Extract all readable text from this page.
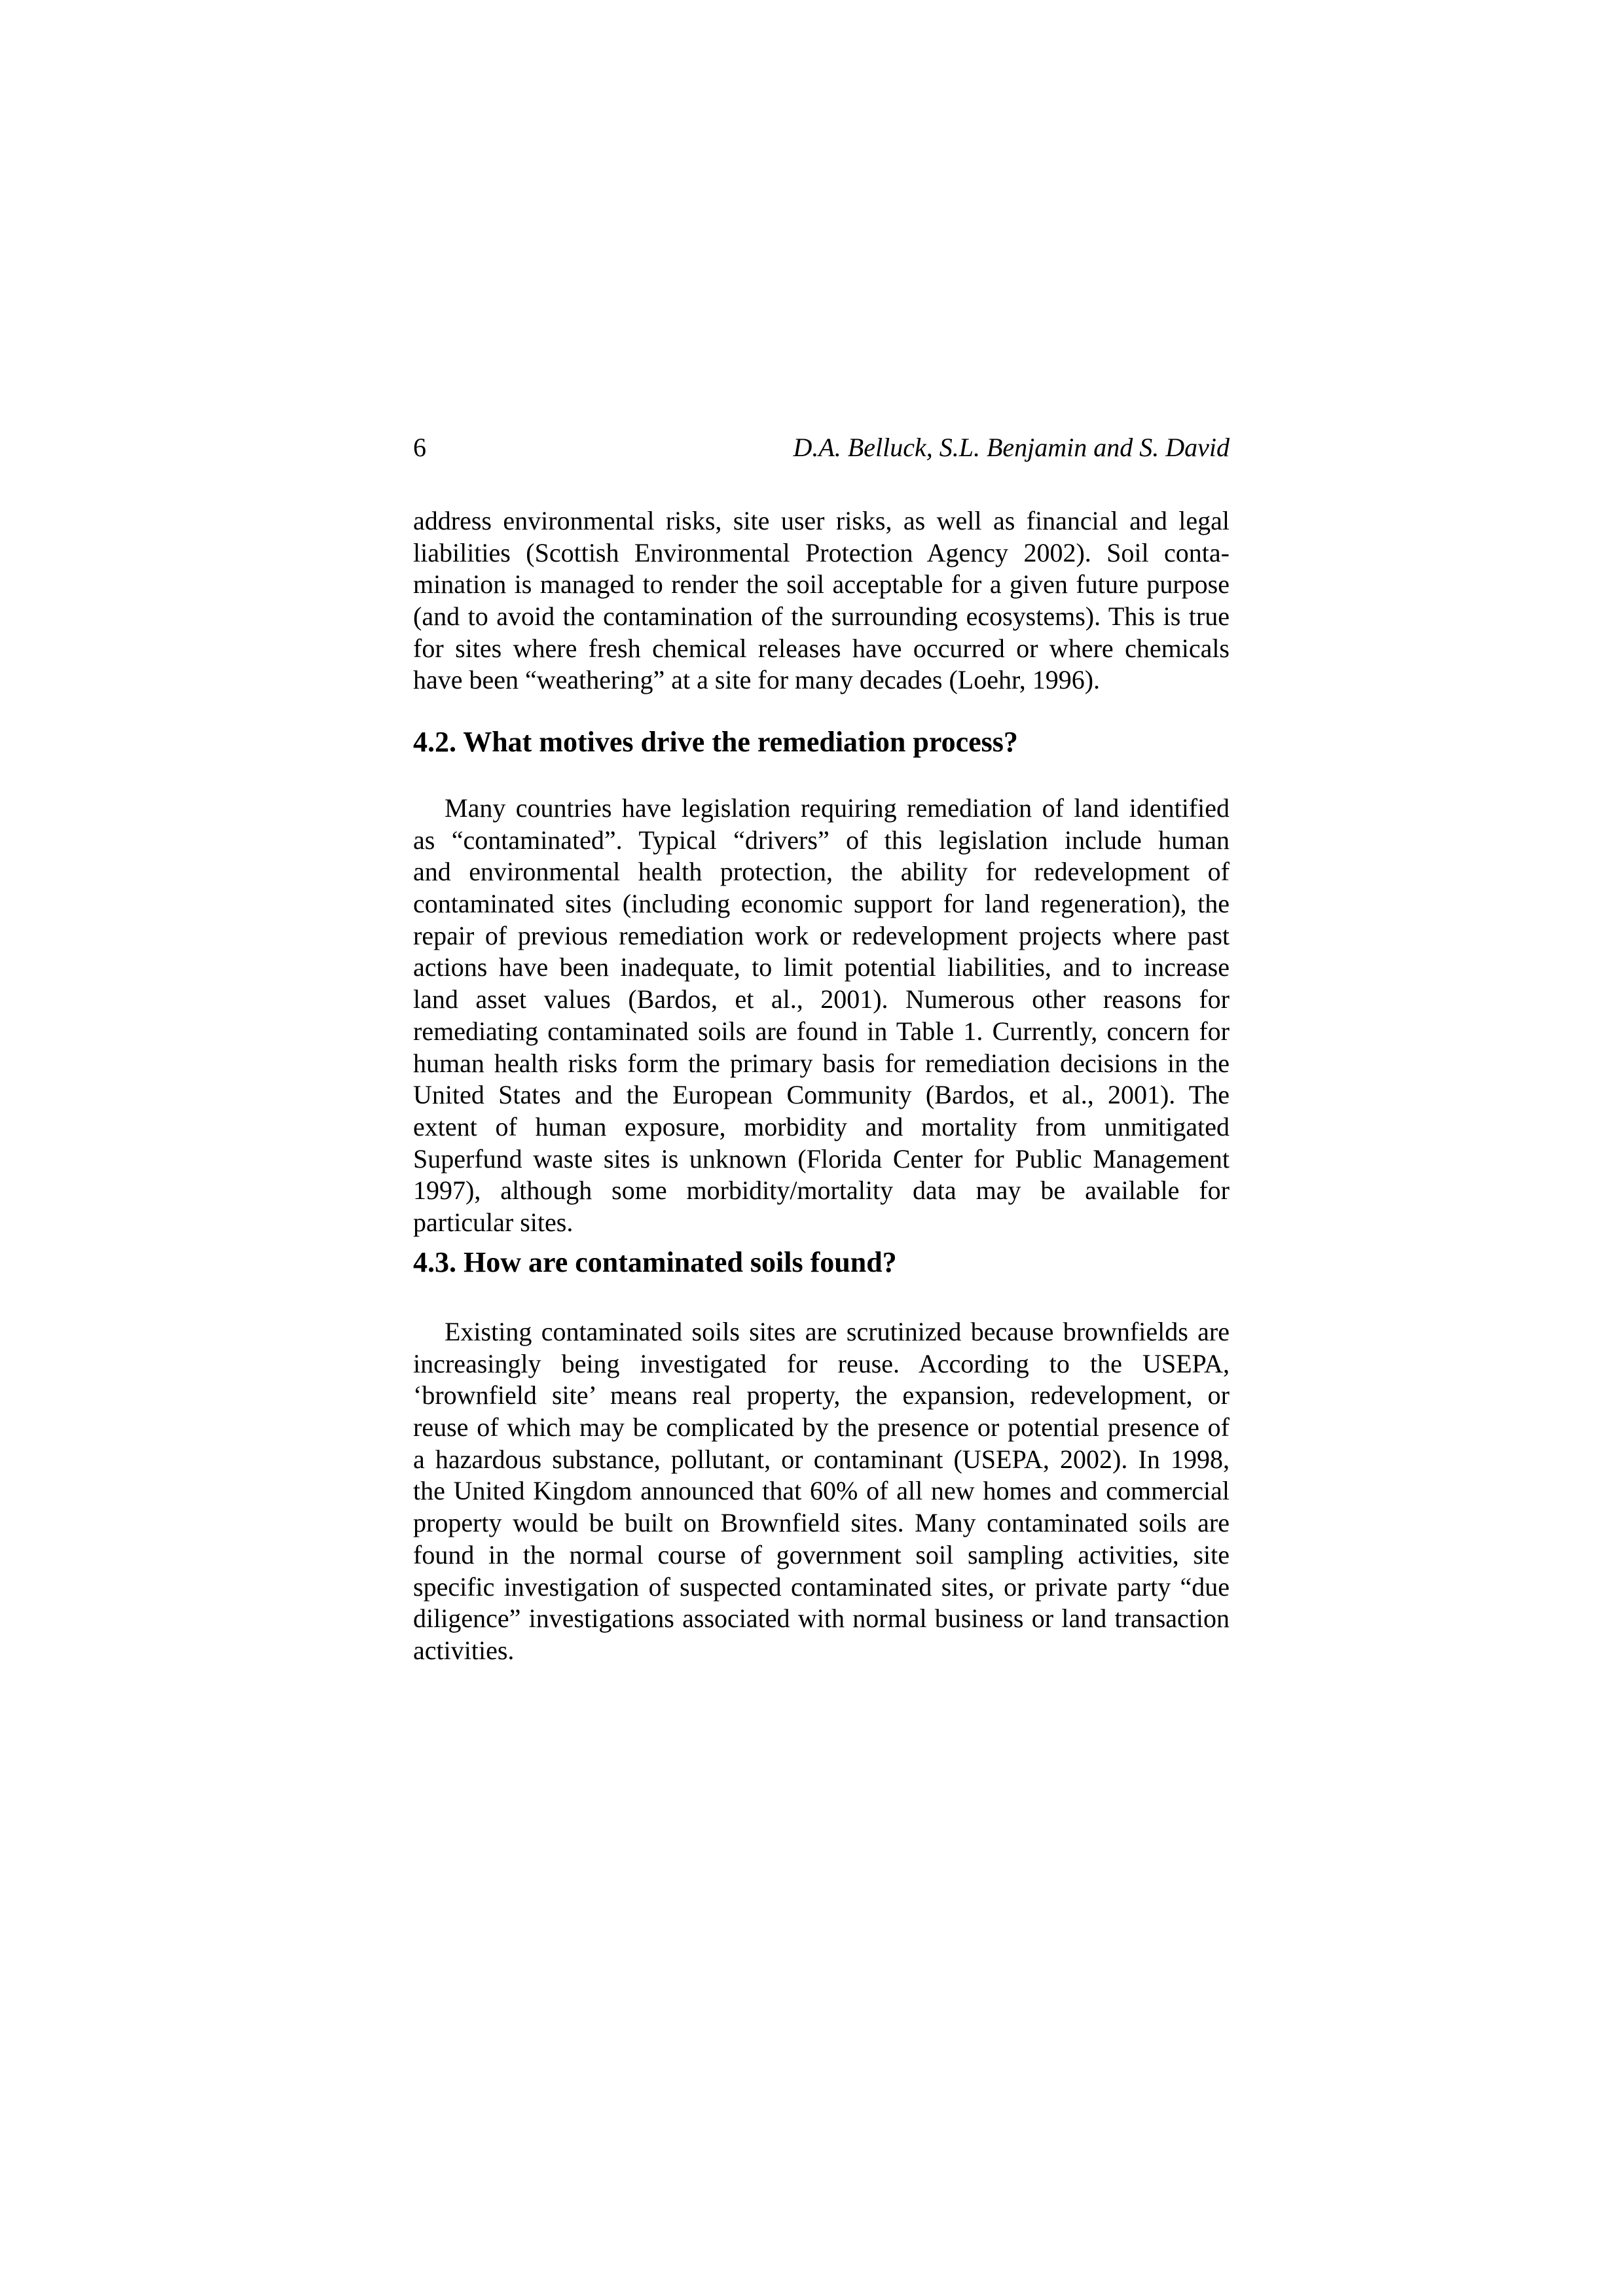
6	D.A. Belluck, S.L. Benjamin and S. David
address environmental risks, site user risks, as well as financial and legal
liabilities (Scottish Environmental Protection Agency 2002). Soil conta-
mination is managed to render the soil acceptable for a given future purpose
(and to avoid the contamination of the surrounding ecosystems). This is true
for sites where fresh chemical releases have occurred or where chemicals
have been “weathering” at a site for many decades (Loehr, 1996).
4.2. What motives drive the remediation process?
Many countries have legislation requiring remediation of land identified
as “contaminated”. Typical “drivers” of this legislation include human
and environmental health protection, the ability for redevelopment of
contaminated sites (including economic support for land regeneration), the
repair of previous remediation work or redevelopment projects where past
actions have been inadequate, to limit potential liabilities, and to increase
land asset values (Bardos, et al., 2001). Numerous other reasons for
remediating contaminated soils are found in Table 1. Currently, concern for
human health risks form the primary basis for remediation decisions in the
United States and the European Community (Bardos, et al., 2001). The
extent of human exposure, morbidity and mortality from unmitigated
Superfund waste sites is unknown (Florida Center for Public Management
1997), although some morbidity/mortality data may be available for
particular sites.
4.3. How are contaminated soils found?
Existing contaminated soils sites are scrutinized because brownfields are
increasingly being investigated for reuse. According to the USEPA,
‘brownfield site’ means real property, the expansion, redevelopment, or
reuse of which may be complicated by the presence or potential presence of
a hazardous substance, pollutant, or contaminant (USEPA, 2002). In 1998,
the United Kingdom announced that 60% of all new homes and commercial
property would be built on Brownfield sites. Many contaminated soils are
found in the normal course of government soil sampling activities, site
specific investigation of suspected contaminated sites, or private party “due
diligence” investigations associated with normal business or land transaction
activities.
